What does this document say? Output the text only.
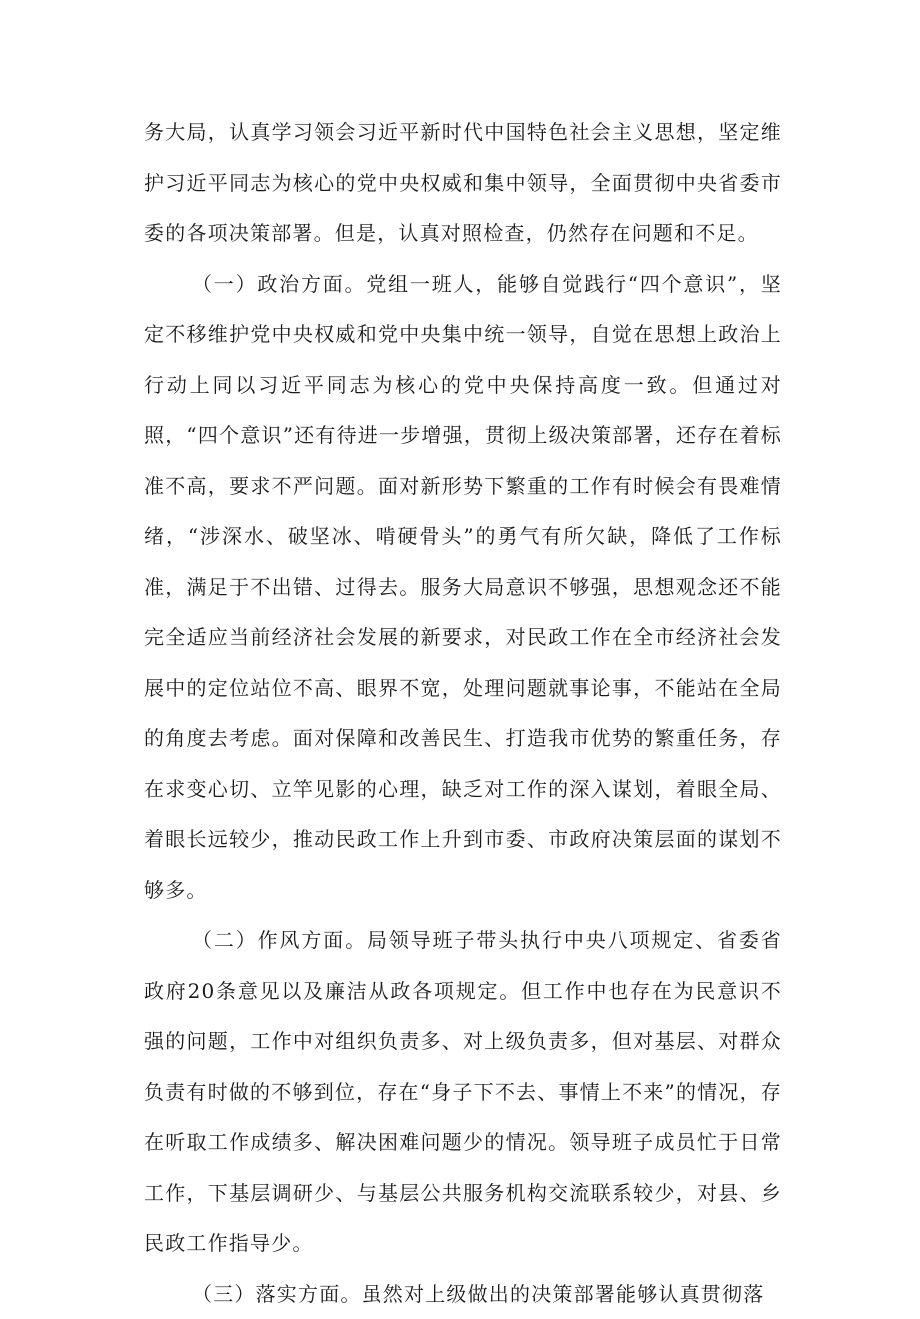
务大局，认真学习领会习近平新时代中国特色社会主义思想，坚定维护习近平同志为核心的党中央权威和集中领导，全面贯彻中央省委市委的各项决策部署。但是，认真对照检查，仍然存在问题和不足。

（一）政治方面。党组一班人，能够自觉践行“四个意识”，坚定不移维护党中央权威和党中央集中统一领导，自觉在思想上政治上行动上同以习近平同志为核心的党中央保持高度一致。但通过对照，“四个意识”还有待进一步增强，贯彻上级决策部署，还存在着标准不高，要求不严问题。面对新形势下繁重的工作有时候会有畏难情绪，“涉深水、破坚冰、啃硬骨头”的勇气有所欠缺，降低了工作标准，满足于不出错、过得去。服务大局意识不够强，思想观念还不能完全适应当前经济社会发展的新要求，对民政工作在全市经济社会发展中的定位站位不高、眼界不宽，处理问题就事论事，不能站在全局的角度去考虑。面对保障和改善民生、打造我市优势的繁重任务，存在求变心切、立竿见影的心理，缺乏对工作的深入谋划，着眼全局、着眼长远较少，推动民政工作上升到市委、市政府决策层面的谋划不够多。

（二）作风方面。局领导班子带头执行中央八项规定、省委省政府20条意见以及廉洁从政各项规定。但工作中也存在为民意识不强的问题，工作中对组织负责多、对上级负责多，但对基层、对群众负责有时做的不够到位，存在“身子下不去、事情上不来”的情况，存在听取工作成绩多、解决困难问题少的情况。领导班子成员忙于日常工作，下基层调研少、与基层公共服务机构交流联系较少，对县、乡民政工作指导少。

（三）落实方面。虽然对上级做出的决策部署能够认真贯彻落
